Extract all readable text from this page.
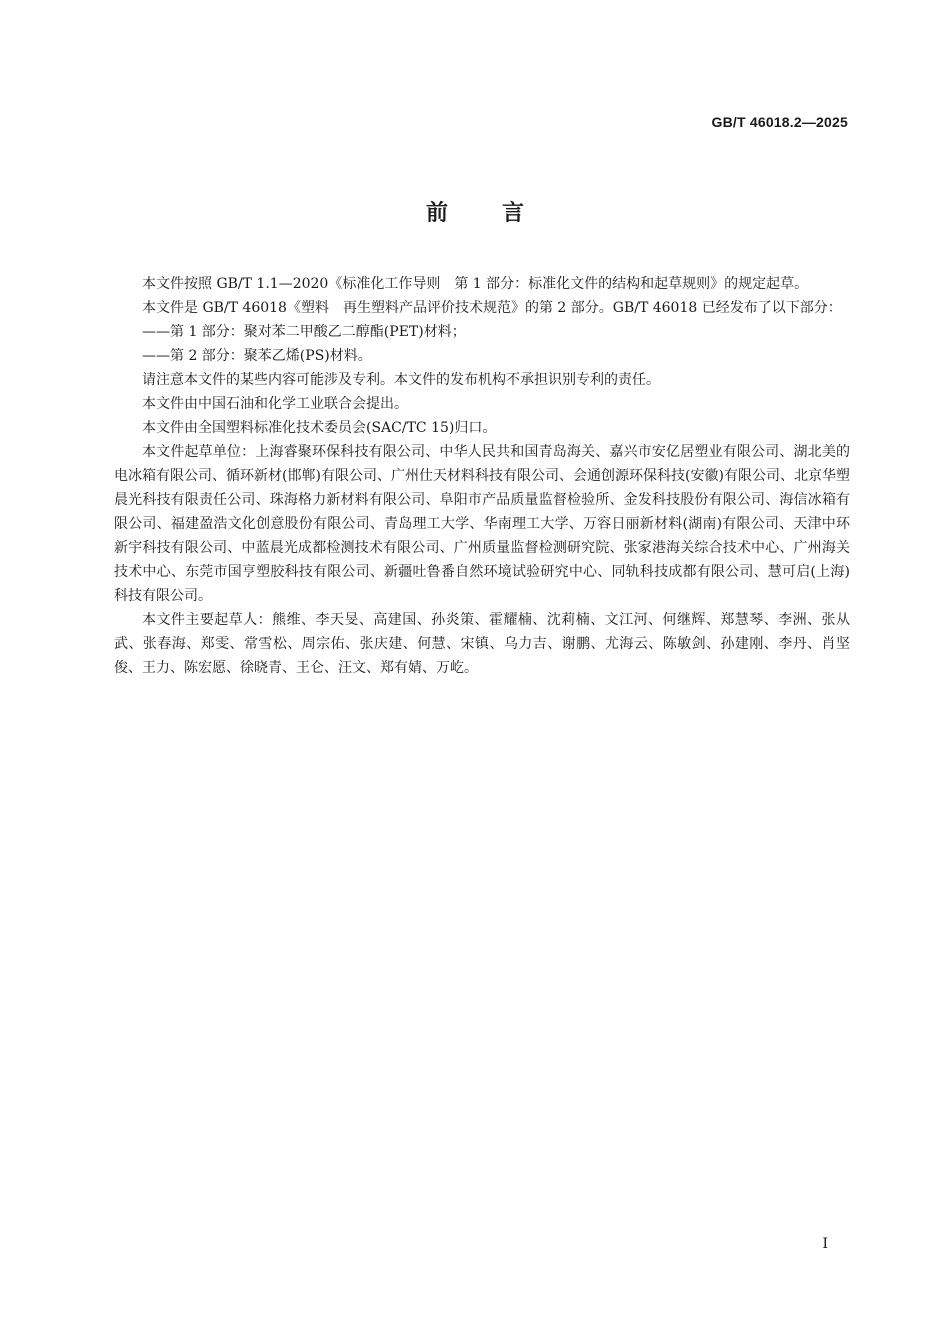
GB/T 46018.2—2025
前言

本文件按照 GB/T 1.1—2020《标准化工作导则　第 1 部分：标准化文件的结构和起草规则》的规定起草。

本文件是 GB/T 46018《塑料　再生塑料产品评价技术规范》的第 2 部分。GB/T 46018 已经发布了以下部分：

——第 1 部分：聚对苯二甲酸乙二醇酯(PET)材料；

——第 2 部分：聚苯乙烯(PS)材料。

请注意本文件的某些内容可能涉及专利。本文件的发布机构不承担识别专利的责任。

本文件由中国石油和化学工业联合会提出。

本文件由全国塑料标准化技术委员会(SAC/TC 15)归口。

本文件起草单位：上海睿聚环保科技有限公司、中华人民共和国青岛海关、嘉兴市安亿居塑业有限公司、湖北美的电冰箱有限公司、循环新材(邯郸)有限公司、广州仕天材料科技有限公司、会通创源环保科技(安徽)有限公司、北京华塑晨光科技有限责任公司、珠海格力新材料有限公司、阜阳市产品质量监督检验所、金发科技股份有限公司、海信冰箱有限公司、福建盈浩文化创意股份有限公司、青岛理工大学、华南理工大学、万容日丽新材料(湖南)有限公司、天津中环新宇科技有限公司、中蓝晨光成都检测技术有限公司、广州质量监督检测研究院、张家港海关综合技术中心、广州海关技术中心、东莞市国亨塑胶科技有限公司、新疆吐鲁番自然环境试验研究中心、同轨科技成都有限公司、慧可启(上海)科技有限公司。

本文件主要起草人：熊维、李天旻、高建国、孙炎策、霍耀楠、沈莉楠、文江河、何继辉、郑慧琴、李洲、张从武、张春海、郑雯、常雪松、周宗佑、张庆建、何慧、宋镇、乌力吉、谢鹏、尤海云、陈敏剑、孙建刚、李丹、肖坚俊、王力、陈宏愿、徐晓青、王仑、汪文、郑有婧、万屹。

I
